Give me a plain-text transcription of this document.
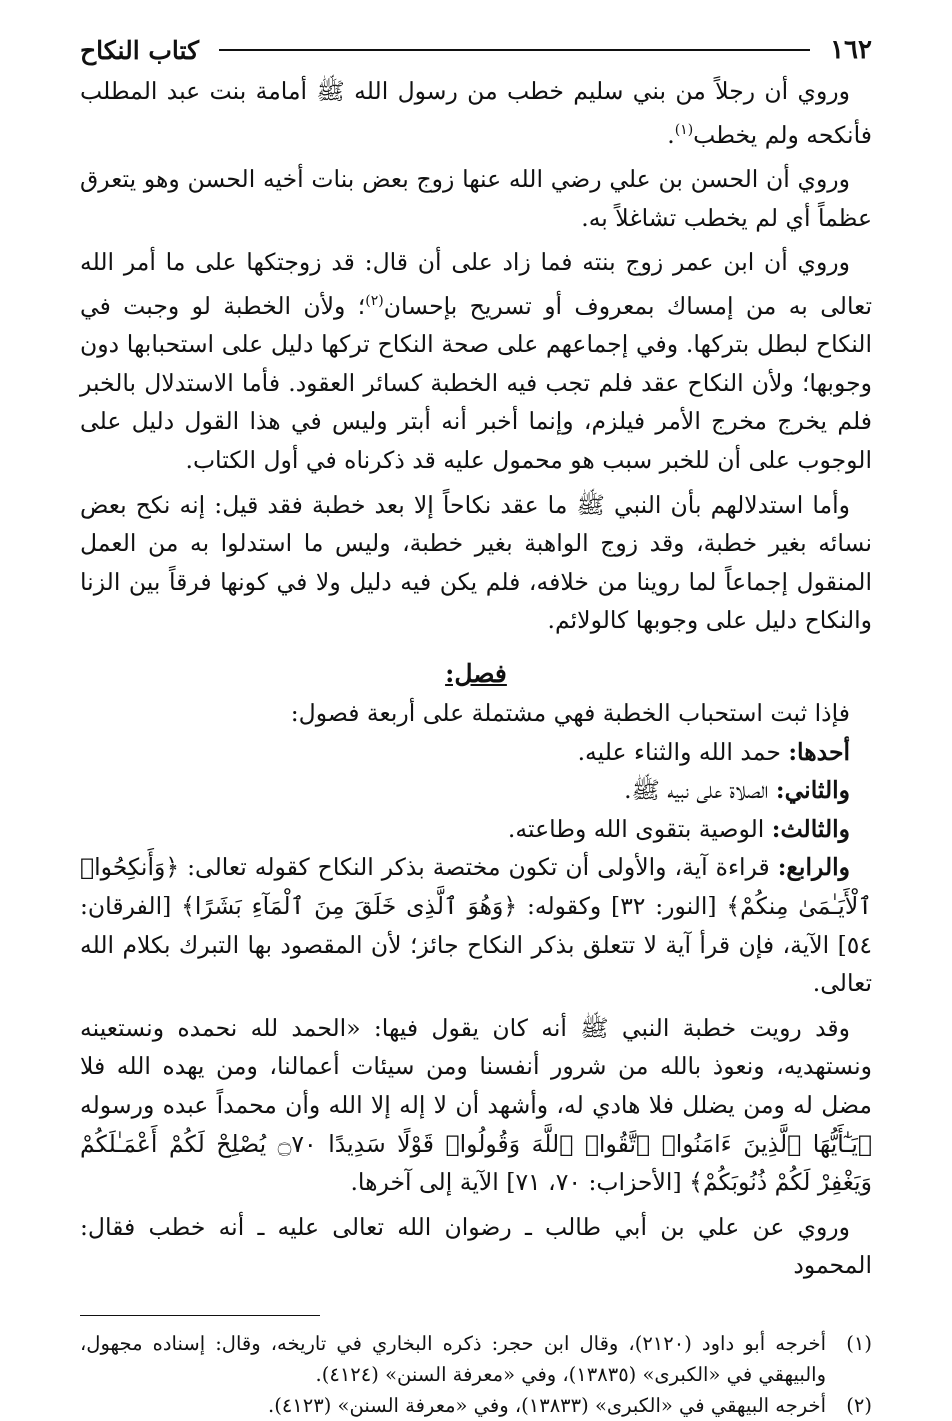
١٦٢
كتاب النكاح

وروي أن رجلاً من بني سليم خطب من رسول الله ﷺ أمامة بنت عبد المطلب فأنكحه ولم يخطب$^{(١)}$.

وروي أن الحسن بن علي رضي الله عنها زوج بعض بنات أخيه الحسن وهو يتعرق عظماً أي لم يخطب تشاغلاً به.

وروي أن ابن عمر زوج بنته فما زاد على أن قال: قد زوجتكها على ما أمر الله تعالى به من إمساك بمعروف أو تسريح بإحسان$^{(٢)}$؛ ولأن الخطبة لو وجبت في النكاح لبطل بتركها. وفي إجماعهم على صحة النكاح تركها دليل على استحبابها دون وجوبها؛ ولأن النكاح عقد فلم تجب فيه الخطبة كسائر العقود. فأما الاستدلال بالخبر فلم يخرج مخرج الأمر فيلزم، وإنما أخبر أنه أبتر وليس في هذا القول دليل على الوجوب على أن للخبر سبب هو محمول عليه قد ذكرناه في أول الكتاب.

وأما استدلالهم بأن النبي ﷺ ما عقد نكاحاً إلا بعد خطبة فقد قيل: إنه نكح بعض نسائه بغير خطبة، وقد زوج الواهبة بغير خطبة، وليس ما استدلوا به من العمل المنقول إجماعاً لما روينا من خلافه، فلم يكن فيه دليل ولا في كونها فرقاً بين الزنا والنكاح دليل على وجوبها كالولائم.

فصل:

فإذا ثبت استحباب الخطبة فهي مشتملة على أربعة فصول:

أحدها: حمد الله والثناء عليه.

والثاني: الصلاة على نبيه ﷺ.

والثالث: الوصية بتقوى الله وطاعته.

والرابع: قراءة آية، والأولى أن تكون مختصة بذكر النكاح كقوله تعالى: ﴿وَأَنكِحُوا۟ ٱلْأَيَـٰمَىٰ مِنكُمْ﴾ [النور: ٣٢] وكقوله: ﴿وَهُوَ ٱلَّذِى خَلَقَ مِنَ ٱلْمَآءِ بَشَرًا﴾ [الفرقان: ٥٤] الآية، فإن قرأ آية لا تتعلق بذكر النكاح جائز؛ لأن المقصود بها التبرك بكلام الله تعالى.

وقد رويت خطبة النبي ﷺ أنه كان يقول فيها: «الحمد لله نحمده ونستعينه ونستهديه، ونعوذ بالله من شرور أنفسنا ومن سيئات أعمالنا، ومن يهده الله فلا مضل له ومن يضلل فلا هادي له، وأشهد أن لا إله إلا الله وأن محمداً عبده ورسوله ﴿يَـٰٓأَيُّهَا ٱلَّذِينَ ءَامَنُوا۟ ٱتَّقُوا۟ ٱللَّهَ وَقُولُوا۟ قَوْلًا سَدِيدًا ۝٧٠ يُصْلِحْ لَكُمْ أَعْمَـٰلَكُمْ وَيَغْفِرْ لَكُمْ ذُنُوبَكُمْ﴾ [الأحزاب: ٧٠، ٧١] الآية إلى آخرها.

وروي عن علي بن أبي طالب ـ رضوان الله تعالى عليه ـ أنه خطب فقال: المحمود

(١)
أخرجه أبو داود (٢١٢٠)، وقال ابن حجر: ذكره البخاري في تاريخه، وقال: إسناده مجهول، والبيهقي في «الكبرى» (١٣٨٣٥)، وفي «معرفة السنن» (٤١٢٤).
(٢)
أخرجه البيهقي في «الكبرى» (١٣٨٣٣)، وفي «معرفة السنن» (٤١٢٣).
